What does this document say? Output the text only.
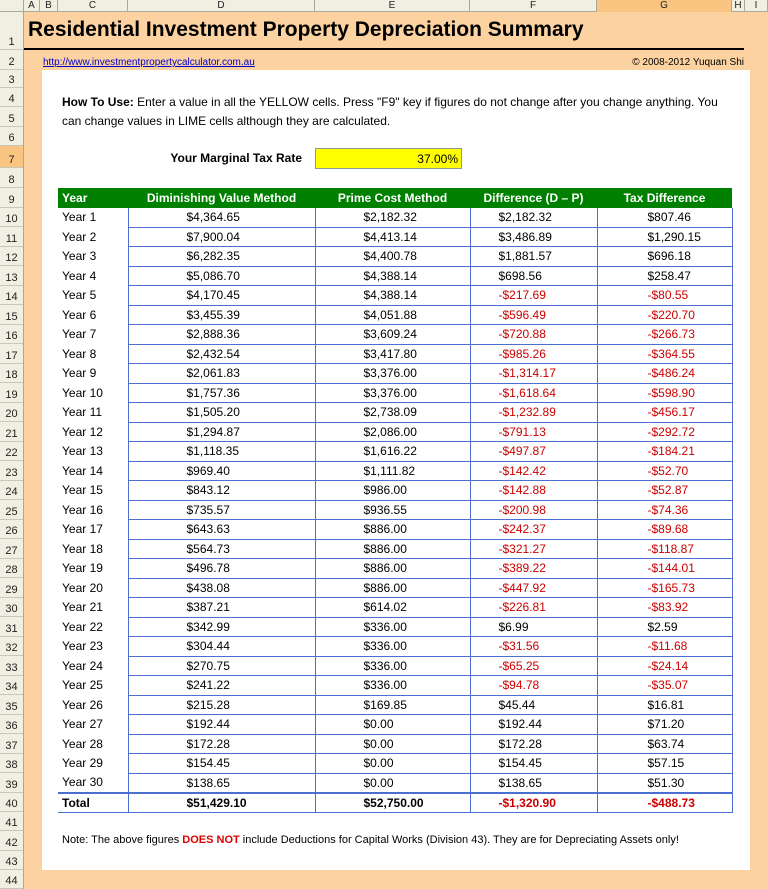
A	B	C	D	E	F	G	H	I
1
2
3
4
5
6
7
8
9
10
11
12
13
14
15
16
17
18
19
20
21
22
23
24
25
26
27
28
29
30
31
32
33
34
35
36
37
38
39
40
41
42
43
44
Residential Investment Property Depreciation Summary
http://www.investmentpropertycalculator.com.au	© 2008-2012 Yuquan Shi
How To Use: Enter a value in all the YELLOW cells. Press "F9" key if figures do not change after you change anything. You can change values in LIME cells although they are calculated.
Your Marginal Tax Rate	37.00%
Year	Diminishing Value Method	Prime Cost Method	Difference (D – P)	Tax Difference
Year 1	$4,364.65	$2,182.32	$2,182.32	$807.46
Year 2	$7,900.04	$4,413.14	$3,486.89	$1,290.15
Year 3	$6,282.35	$4,400.78	$1,881.57	$696.18
Year 4	$5,086.70	$4,388.14	$698.56	$258.47
Year 5	$4,170.45	$4,388.14	-$217.69	-$80.55
Year 6	$3,455.39	$4,051.88	-$596.49	-$220.70
Year 7	$2,888.36	$3,609.24	-$720.88	-$266.73
Year 8	$2,432.54	$3,417.80	-$985.26	-$364.55
Year 9	$2,061.83	$3,376.00	-$1,314.17	-$486.24
Year 10	$1,757.36	$3,376.00	-$1,618.64	-$598.90
Year 11	$1,505.20	$2,738.09	-$1,232.89	-$456.17
Year 12	$1,294.87	$2,086.00	-$791.13	-$292.72
Year 13	$1,118.35	$1,616.22	-$497.87	-$184.21
Year 14	$969.40	$1,111.82	-$142.42	-$52.70
Year 15	$843.12	$986.00	-$142.88	-$52.87
Year 16	$735.57	$936.55	-$200.98	-$74.36
Year 17	$643.63	$886.00	-$242.37	-$89.68
Year 18	$564.73	$886.00	-$321.27	-$118.87
Year 19	$496.78	$886.00	-$389.22	-$144.01
Year 20	$438.08	$886.00	-$447.92	-$165.73
Year 21	$387.21	$614.02	-$226.81	-$83.92
Year 22	$342.99	$336.00	$6.99	$2.59
Year 23	$304.44	$336.00	-$31.56	-$11.68
Year 24	$270.75	$336.00	-$65.25	-$24.14
Year 25	$241.22	$336.00	-$94.78	-$35.07
Year 26	$215.28	$169.85	$45.44	$16.81
Year 27	$192.44	$0.00	$192.44	$71.20
Year 28	$172.28	$0.00	$172.28	$63.74
Year 29	$154.45	$0.00	$154.45	$57.15
Year 30	$138.65	$0.00	$138.65	$51.30
Total	$51,429.10	$52,750.00	-$1,320.90	-$488.73
Note: The above figures DOES NOT include Deductions for Capital Works (Division 43). They are for Depreciating Assets only!
